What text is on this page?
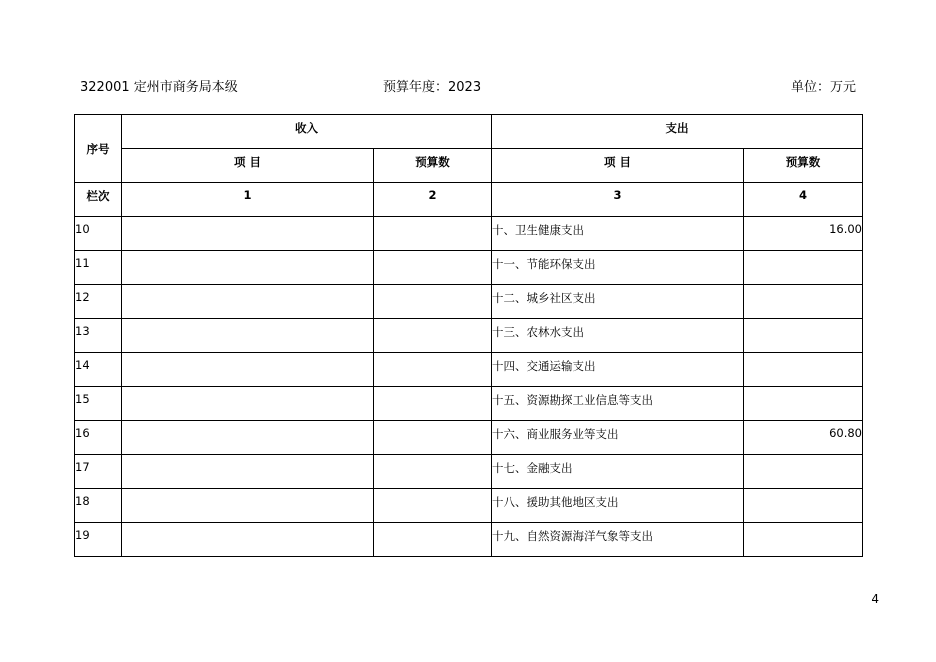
322001 定州市商务局本级	预算年度：2023	单位：万元
序号	收入		支出	
	项 目	预算数	项 目	预算数
栏次	1	2	3	4
10			十、卫生健康支出	16.00
11			十一、节能环保支出	
12			十二、城乡社区支出	
13			十三、农林水支出	
14			十四、交通运输支出	
15			十五、资源勘探工业信息等支出	
16			十六、商业服务业等支出	60.80
17			十七、金融支出	
18			十八、援助其他地区支出	
19			十九、自然资源海洋气象等支出	
4
